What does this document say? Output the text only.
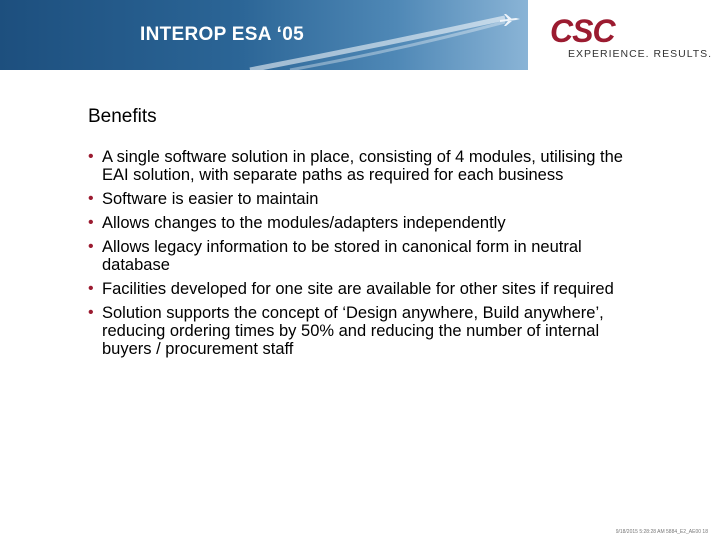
INTEROP ESA ‘05	CSC
EXPERIENCE. RESULTS.
Benefits
• A single software solution in place, consisting of 4 modules, utilising the EAI solution, with separate paths as required for each business
• Software is easier to maintain
• Allows changes to the modules/adapters independently
• Allows legacy information to be stored in canonical form in neutral database
• Facilities developed for one site are available for other sites if required
• Solution supports the concept of ‘Design anywhere, Build anywhere’, reducing ordering times by 50% and reducing the number of internal buyers / procurement staff
9/18/2015 5:28:28 AM 5884_E2_AE00 18
